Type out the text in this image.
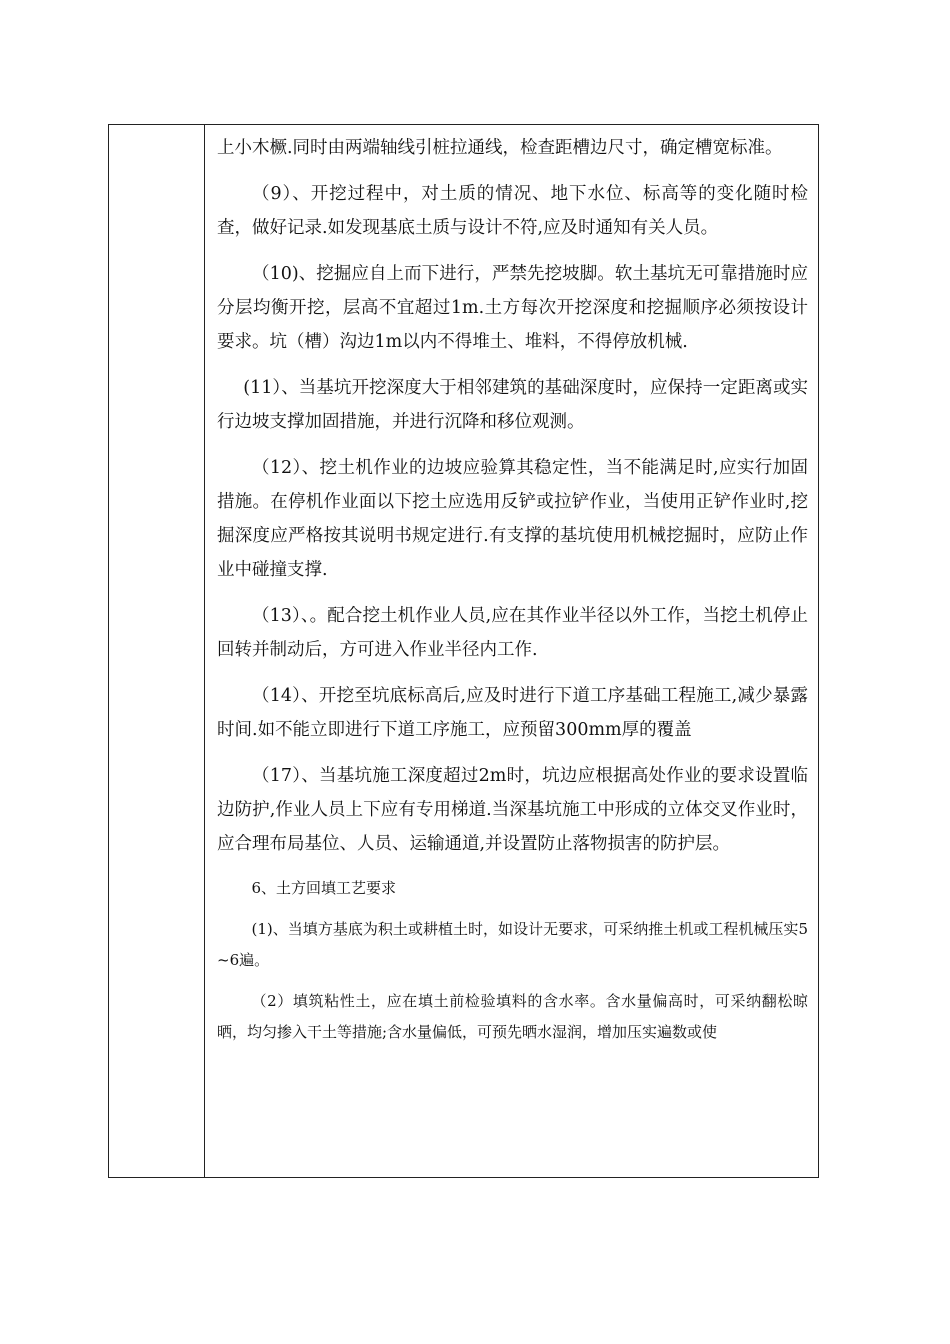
上小木橛.同时由两端轴线引桩拉通线，检查距槽边尺寸，确定槽宽标准。

（9）、开挖过程中，对土质的情况、地下水位、标高等的变化随时检查，做好记录.如发现基底土质与设计不符,应及时通知有关人员。

（10)、挖掘应自上而下进行，严禁先挖坡脚。软土基坑无可靠措施时应分层均衡开挖，层高不宜超过1m.土方每次开挖深度和挖掘顺序必须按设计要求。坑（槽）沟边1m以内不得堆土、堆料，不得停放机械.

(11）、当基坑开挖深度大于相邻建筑的基础深度时，应保持一定距离或实行边坡支撑加固措施，并进行沉降和移位观测。

（12）、挖土机作业的边坡应验算其稳定性，当不能满足时,应实行加固措施。在停机作业面以下挖土应选用反铲或拉铲作业，当使用正铲作业时,挖掘深度应严格按其说明书规定进行.有支撑的基坑使用机械挖掘时，应防止作业中碰撞支撑.

（13）、。配合挖土机作业人员,应在其作业半径以外工作，当挖土机停止回转并制动后，方可进入作业半径内工作.

（14）、开挖至坑底标高后,应及时进行下道工序基础工程施工,减少暴露时间.如不能立即进行下道工序施工，应预留300mm厚的覆盖

（17）、当基坑施工深度超过2m时，坑边应根据高处作业的要求设置临边防护,作业人员上下应有专用梯道.当深基坑施工中形成的立体交叉作业时，应合理布局基位、人员、运输通道,并设置防止落物损害的防护层。

6、土方回填工艺要求

(1)、当填方基底为积土或耕植土时，如设计无要求，可采纳推土机或工程机械压实5~6遍。

（2）填筑粘性土，应在填土前检验填料的含水率。含水量偏高时，可采纳翻松晾晒，均匀掺入干土等措施;含水量偏低，可预先晒水湿润，增加压实遍数或使
